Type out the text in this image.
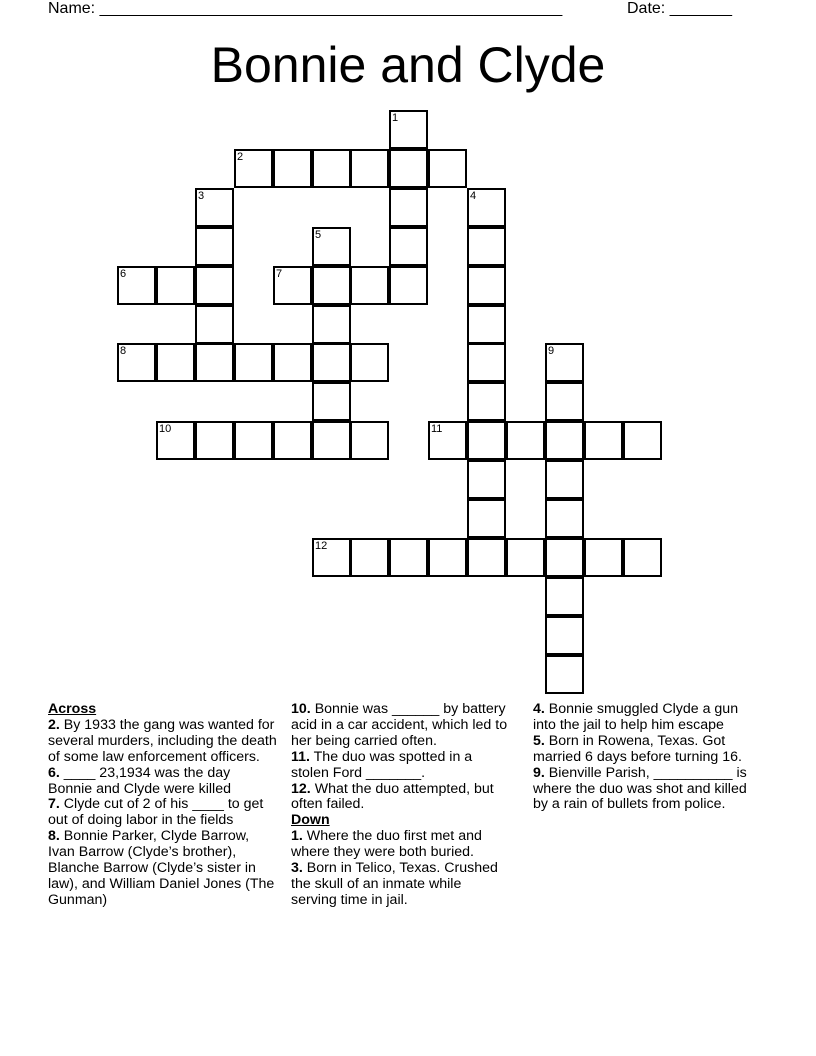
Name: ____________________________________________________	Date: _______
Bonnie and Clyde
2
6	7
8
10	11
12
1
3	4
5
9
Across
2. By 1933 the gang was wanted for several murders, including the death of some law enforcement officers.
6. ____ 23,1934 was the day Bonnie and Clyde were killed
7. Clyde cut of 2 of his ____ to get out of doing labor in the fields
8. Bonnie Parker, Clyde Barrow, Ivan Barrow (Clyde’s brother), Blanche Barrow (Clyde’s sister in law), and William Daniel Jones (The Gunman)
10. Bonnie was ______ by battery acid in a car accident, which led to her being carried often.
11. The duo was spotted in a stolen Ford _______.
12. What the duo attempted, but often failed.
Down
1. Where the duo first met and where they were both buried.
3. Born in Telico, Texas. Crushed the skull of an inmate while serving time in jail.
4. Bonnie smuggled Clyde a gun into the jail to help him escape
5. Born in Rowena, Texas. Got married 6 days before turning 16.
9. Bienville Parish, __________ is where the duo was shot and killed by a rain of bullets from police.
